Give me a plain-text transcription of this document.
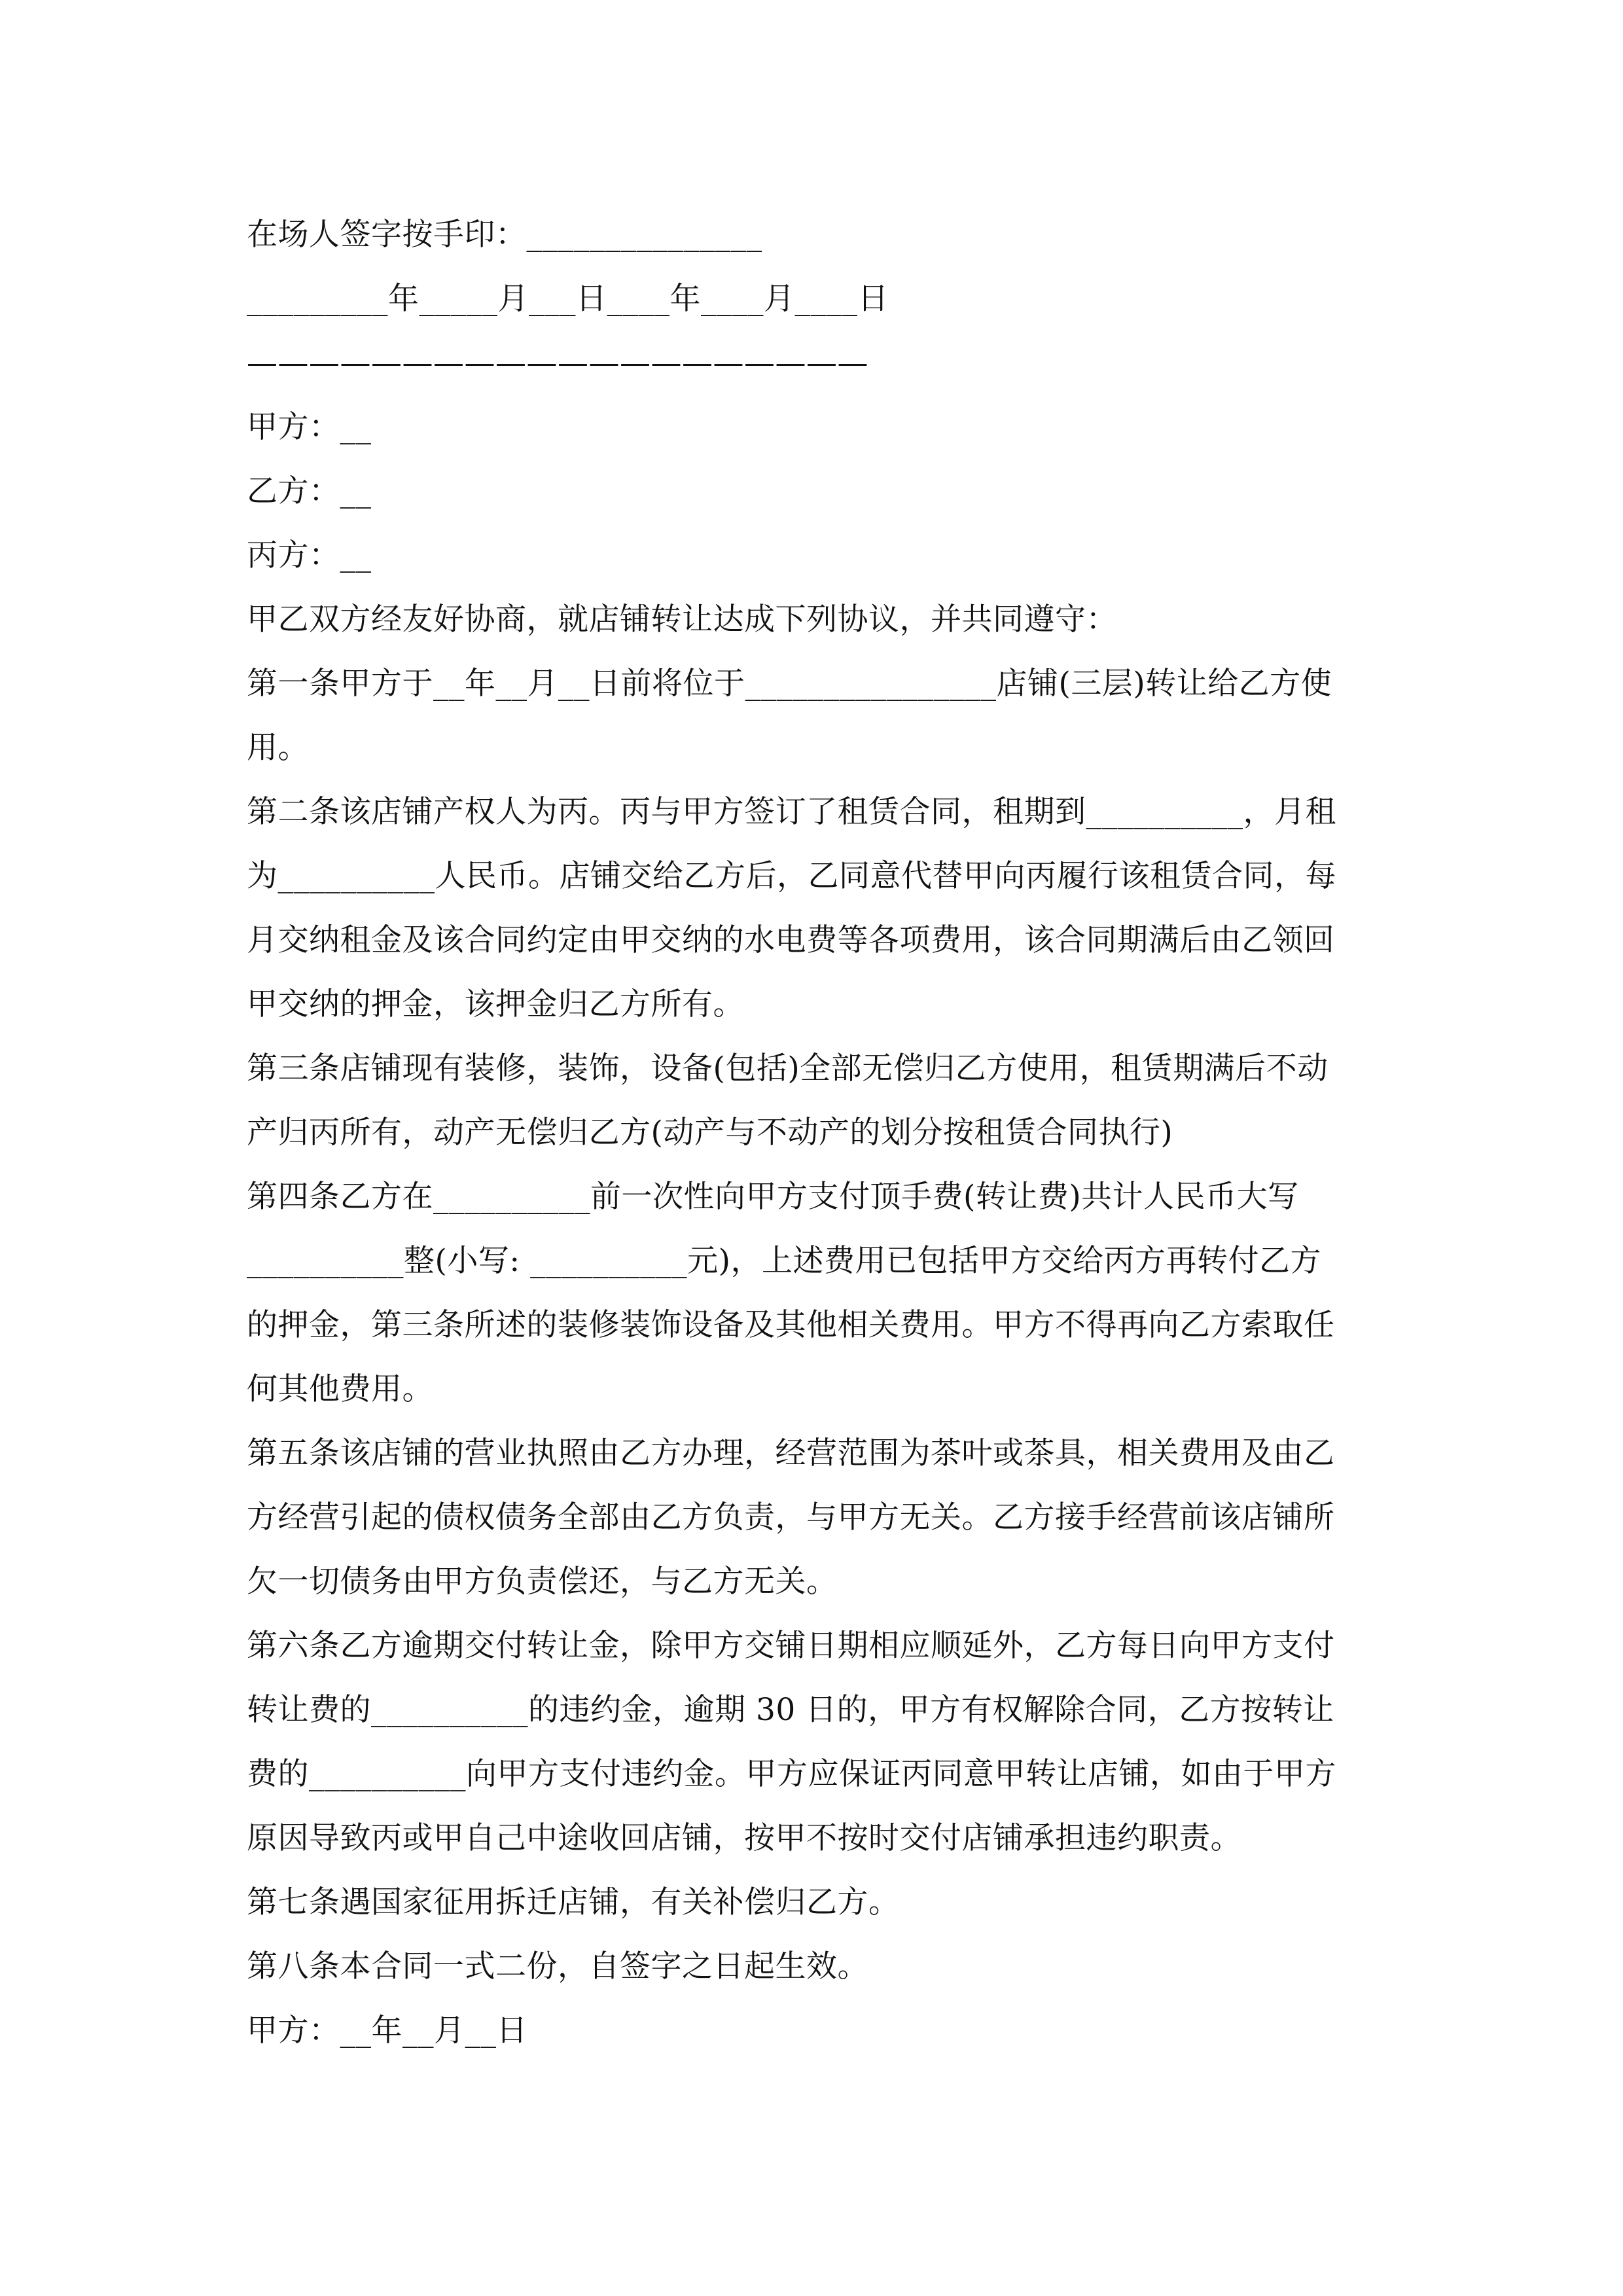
在场人签字按手印：_______________
_________年_____月___日____年____月____日
————————————————————
甲方：__
乙方：__
丙方：__
甲乙双方经友好协商，就店铺转让达成下列协议，并共同遵守：
第一条甲方于__年__月__日前将位于________________店铺(三层)转让给乙方使
用。
第二条该店铺产权人为丙。丙与甲方签订了租赁合同，租期到__________，月租
为__________人民币。店铺交给乙方后，乙同意代替甲向丙履行该租赁合同，每
月交纳租金及该合同约定由甲交纳的水电费等各项费用，该合同期满后由乙领回
甲交纳的押金，该押金归乙方所有。
第三条店铺现有装修，装饰，设备(包括)全部无偿归乙方使用，租赁期满后不动
产归丙所有，动产无偿归乙方(动产与不动产的划分按租赁合同执行)
第四条乙方在__________前一次性向甲方支付顶手费(转让费)共计人民币大写
__________整(小写: __________元)，上述费用已包括甲方交给丙方再转付乙方
的押金，第三条所述的装修装饰设备及其他相关费用。甲方不得再向乙方索取任
何其他费用。
第五条该店铺的营业执照由乙方办理，经营范围为茶叶或茶具，相关费用及由乙
方经营引起的债权债务全部由乙方负责，与甲方无关。乙方接手经营前该店铺所
欠一切债务由甲方负责偿还，与乙方无关。
第六条乙方逾期交付转让金，除甲方交铺日期相应顺延外，乙方每日向甲方支付
转让费的__________的违约金，逾期 30 日的，甲方有权解除合同，乙方按转让
费的__________向甲方支付违约金。甲方应保证丙同意甲转让店铺，如由于甲方
原因导致丙或甲自己中途收回店铺，按甲不按时交付店铺承担违约职责。
第七条遇国家征用拆迁店铺，有关补偿归乙方。
第八条本合同一式二份，自签字之日起生效。
甲方：__年__月__日
